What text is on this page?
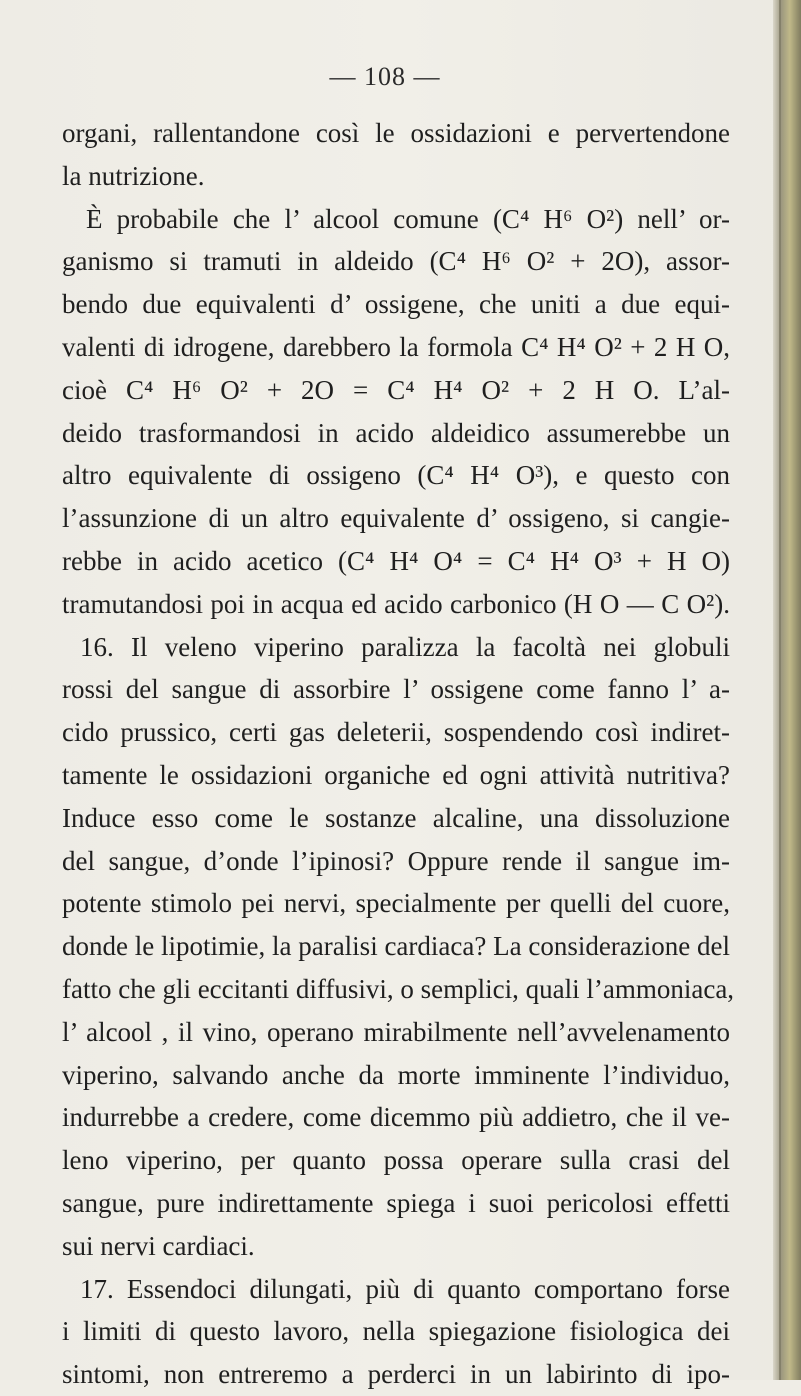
— 108 —
organi, rallentandone così le ossidazioni e pervertendone
la nutrizione.
È probabile che l’ alcool comune (C⁴ H⁶ O²) nell’ or-
ganismo si tramuti in aldeido (C⁴ H⁶ O² + 2O), assor-
bendo due equivalenti d’ ossigene, che uniti a due equi-
valenti di idrogene, darebbero la formola C⁴ H⁴ O² + 2 H O,
cioè C⁴ H⁶ O² + 2O = C⁴ H⁴ O² + 2 H O. L’al-
deido trasformandosi in acido aldeidico assumerebbe un
altro equivalente di ossigeno (C⁴ H⁴ O³), e questo con
l’assunzione di un altro equivalente d’ ossigeno, si cangie-
rebbe in acido acetico (C⁴ H⁴ O⁴ = C⁴ H⁴ O³ + H O)
tramutandosi poi in acqua ed acido carbonico (H O — C O²).
16. Il veleno viperino paralizza la facoltà nei globuli
rossi del sangue di assorbire l’ ossigene come fanno l’ a-
cido prussico, certi gas deleterii, sospendendo così indiret-
tamente le ossidazioni organiche ed ogni attività nutritiva?
Induce esso come le sostanze alcaline, una dissoluzione
del sangue, d’onde l’ipinosi? Oppure rende il sangue im-
potente stimolo pei nervi, specialmente per quelli del cuore,
donde le lipotimie, la paralisi cardiaca? La considerazione del
fatto che gli eccitanti diffusivi, o semplici, quali l’ammoniaca,
l’ alcool , il vino, operano mirabilmente nell’avvelenamento
viperino, salvando anche da morte imminente l’individuo,
indurrebbe a credere, come dicemmo più addietro, che il ve-
leno viperino, per quanto possa operare sulla crasi del
sangue, pure indirettamente spiega i suoi pericolosi effetti
sui nervi cardiaci.
17. Essendoci dilungati, più di quanto comportano forse
i limiti di questo lavoro, nella spiegazione fisiologica dei
sintomi, non entreremo a perderci in un labirinto di ipo-
